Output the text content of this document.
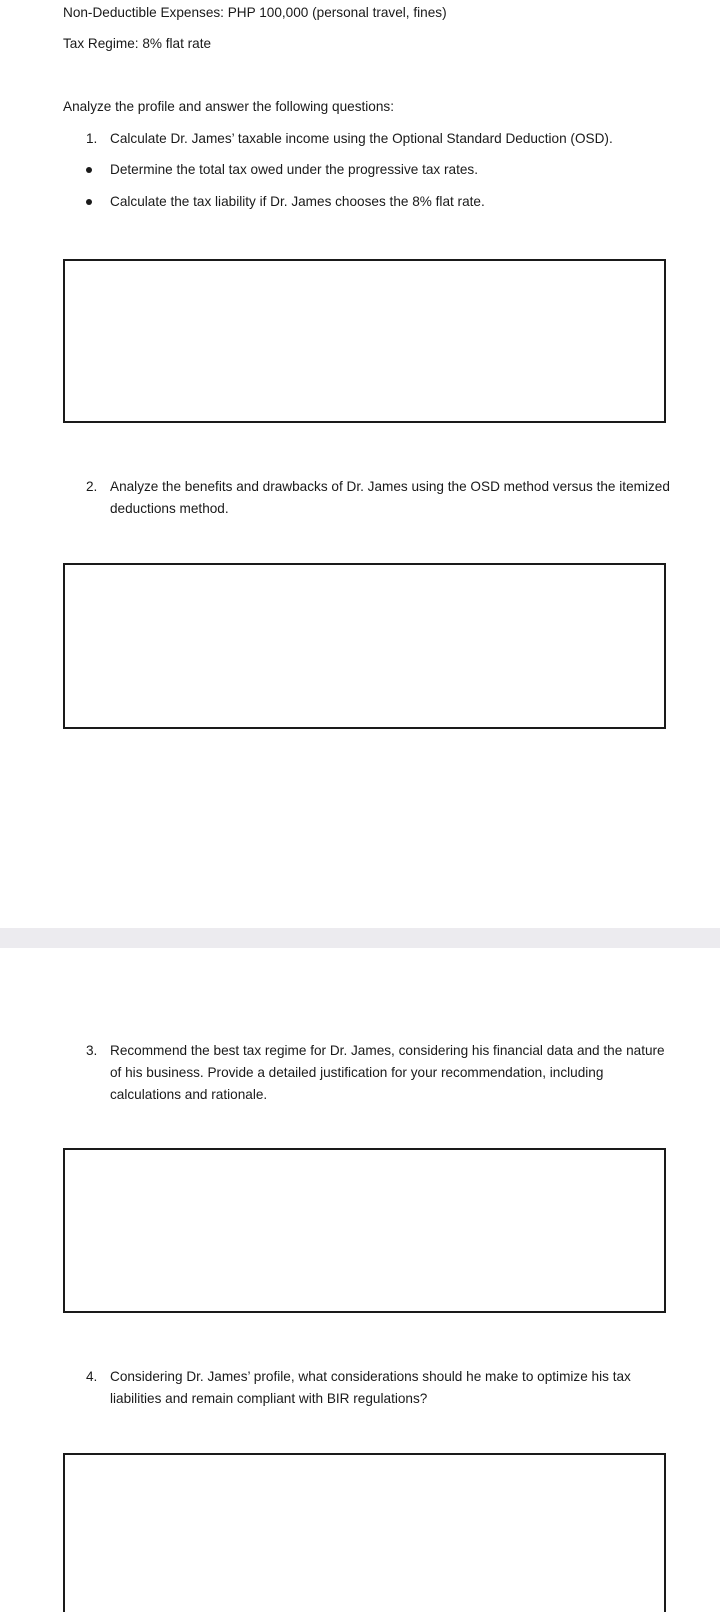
Non-Deductible Expenses: PHP 100,000 (personal travel, fines)
Tax Regime: 8% flat rate
Analyze the profile and answer the following questions:
1. Calculate Dr. James’ taxable income using the Optional Standard Deduction (OSD).
Determine the total tax owed under the progressive tax rates.
Calculate the tax liability if Dr. James chooses the 8% flat rate.
2. Analyze the benefits and drawbacks of Dr. James using the OSD method versus the itemized deductions method.
3. Recommend the best tax regime for Dr. James, considering his financial data and the nature of his business. Provide a detailed justification for your recommendation, including calculations and rationale.
4. Considering Dr. James’ profile, what considerations should he make to optimize his tax liabilities and remain compliant with BIR regulations?
